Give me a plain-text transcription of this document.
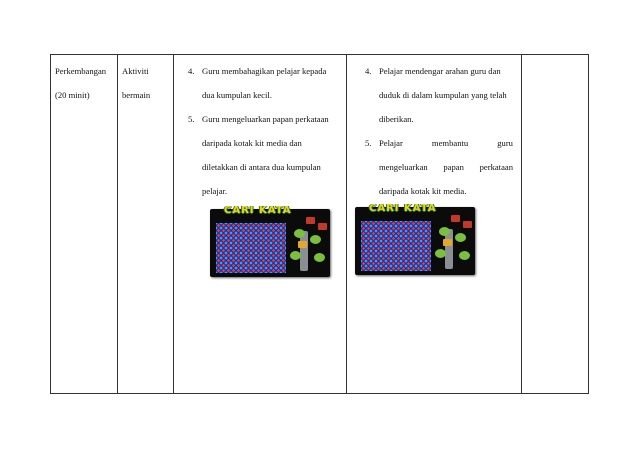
Perkembangan
(20 minit)

Aktiviti
bermain

4. Guru membahagikan pelajar kepada
dua kumpulan kecil.
5. Guru mengeluarkan papan perkataan
daripada kotak kit media dan
diletakkan di antara dua kumpulan
pelajar.
CARI KATA

4. Pelajar mendengar arahan guru dan
duduk di dalam kumpulan yang telah
diberikan.
5. Pelajar	membantu	guru
mengeluarkan papan perkataan
daripada kotak kit media.
CARI KATA
